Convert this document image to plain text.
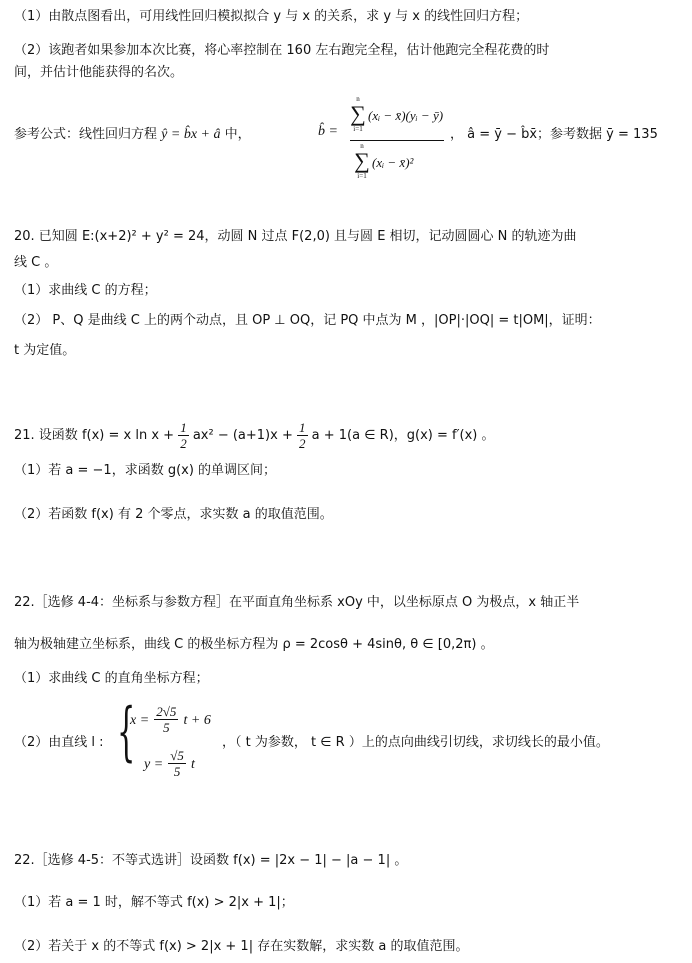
（1）由散点图看出，可用线性回归模拟拟合 y 与 x 的关系，求 y 与 x 的线性回归方程；
（2）该跑者如果参加本次比赛，将心率控制在 160 左右跑完全程，估计他跑完全程花费的时
间，并估计他能获得的名次。
参考公式：线性回归方程 ŷ = b̂x + â 中，	b̂ = n
∑
i=1
(xᵢ − x̄)(yᵢ − ȳ)
n
∑
i=1
(xᵢ − x̄)² ， â = ȳ − b̂x̄；参考数据 ȳ = 135
20. 已知圆 E:(x+2)² + y² = 24，动圆 N 过点 F(2,0) 且与圆 E 相切，记动圆圆心 N 的轨迹为曲
线 C 。
（1）求曲线 C 的方程；
（2） P、Q 是曲线 C 上的两个动点，且 OP ⊥ OQ，记 PQ 中点为 M ，|OP|·|OQ| = t|OM|，证明：
t 为定值。
21. 设函数 f(x) = x $\ln x + \frac{1}{2} ax^2 - (a+1)x + \frac{1}{2}$ a + 1(a ∈ R)，g(x) = f′(x) 。
（1）若 a = −1，求函数 g(x) 的单调区间；
（2）若函数 f(x) 有 2 个零点，求实数 a 的取值范围。
22.［选修 4-4：坐标系与参数方程］在平面直角坐标系 xOy 中，以坐标原点 O 为极点，x 轴正半
轴为极轴建立坐标系，曲线 C 的极坐标方程为 ρ = 2cosθ + 4sinθ, θ ∈ [0,2π) 。
（1）求曲线 C 的直角坐标方程；
（2）由直线 l : {
$x = \frac{2√5}{5}$ t + 6
$y = \frac{√5}{5}$ t
，（ t 为参数， t ∈ R ）上的点向曲线引切线，求切线长的最小值。
22.［选修 4-5：不等式选讲］设函数 f(x) = |2x − 1| − |a − 1| 。
（1）若 a = 1 时，解不等式 f(x) > 2|x + 1|；
（2）若关于 x 的不等式 f(x) > 2|x + 1| 存在实数解，求实数 a 的取值范围。
